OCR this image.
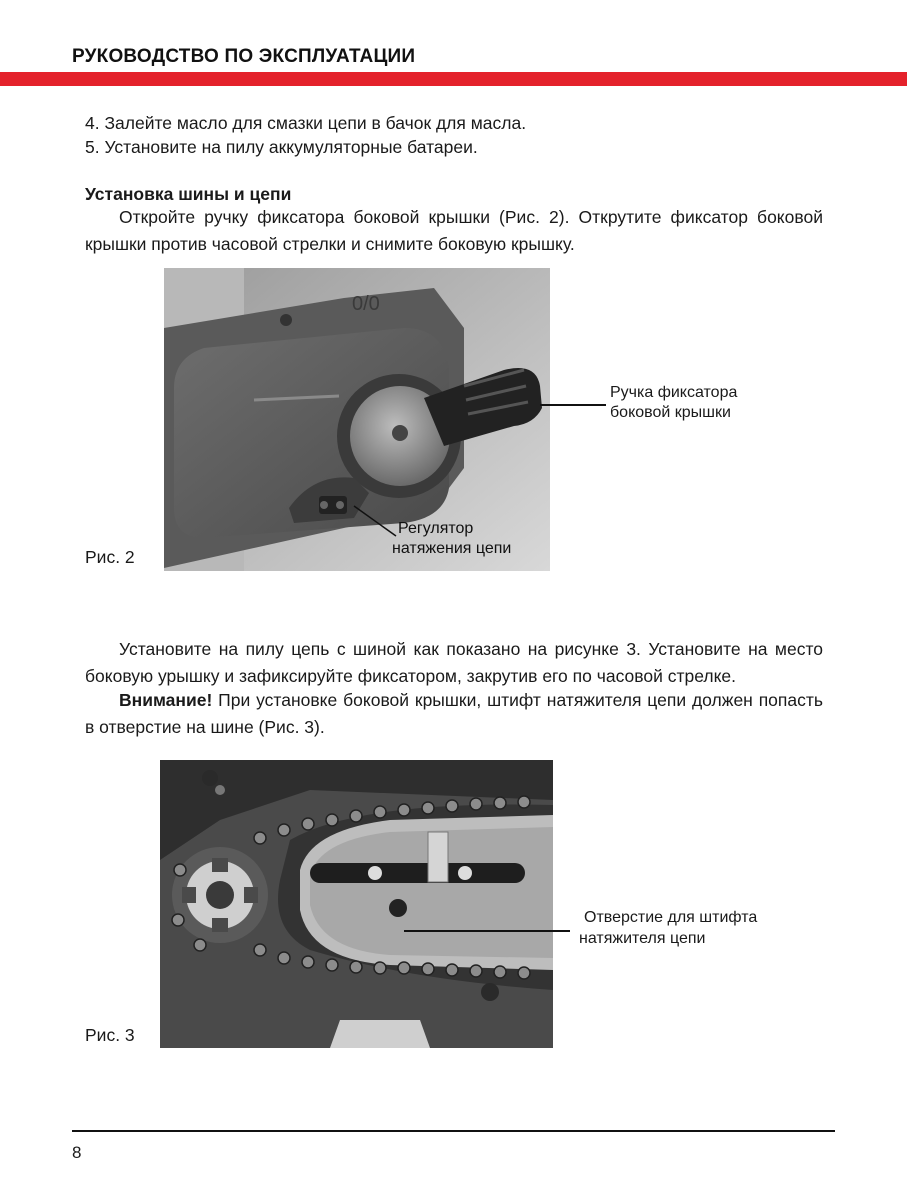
РУКОВОДСТВО ПО ЭКСПЛУАТАЦИИ
4. Залейте масло для смазки цепи в бачок для масла.
5. Установите на пилу аккумуляторные батареи.
Установка шины и цепи
Откройте ручку фиксатора боковой крышки (Рис. 2). Открутите фиксатор боковой крышки против часовой стрелки и снимите боковую крышку.
0/0
Ручка фиксатора
боковой крышки
Регулятор
натяжения цепи
Рис. 2
Установите на пилу цепь с шиной как показано на рисунке 3. Установите на место боковую урышку и зафиксируйте фиксатором, закрутив его по часовой стрелке.
Внимание! При установке боковой крышки, штифт натяжителя цепи должен попасть в отверстие на шине (Рис. 3).
Отверстие для штифта
натяжителя цепи
Рис. 3
8
